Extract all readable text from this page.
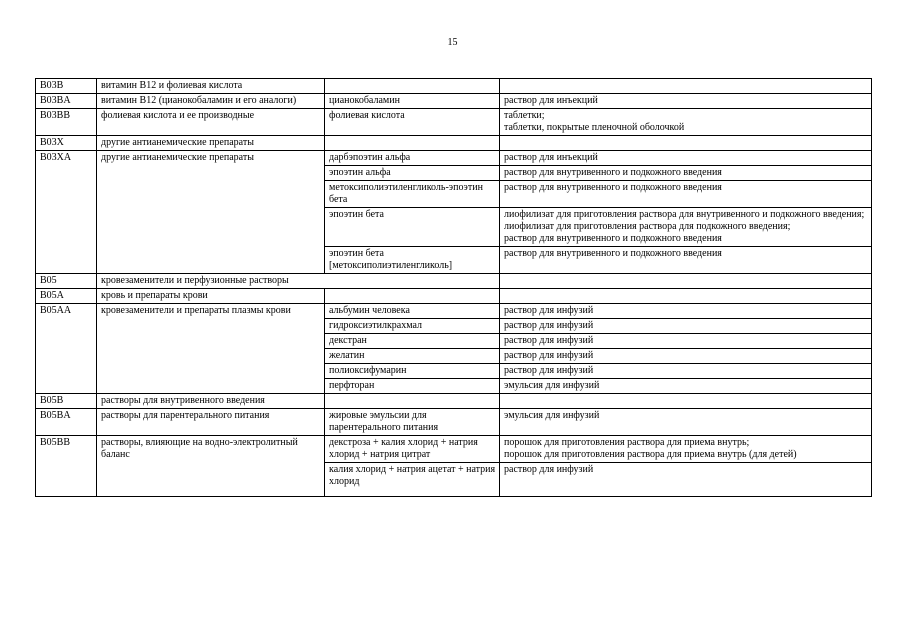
15
B03B	витамин B12 и фолиевая кислота		

B03BA	витамин B12 (цианокобаламин и его аналоги)	цианокобаламин	раствор для инъекций

B03BB	фолиевая кислота и ее производные	фолиевая кислота	таблетки;
таблетки, покрытые пленочной оболочкой

B03X	другие антианемические препараты		

B03XA	другие антианемические препараты	дарбэпоэтин альфа	раствор для инъекций

		эпоэтин альфа	раствор для внутривенного и подкожного введения

		метоксиполиэтиленгликоль-эпоэтин бета	раствор для внутривенного и подкожного введения

		эпоэтин бета	лиофилизат для приготовления раствора для внутривенного и подкожного введения;
лиофилизат для приготовления раствора для подкожного введения;
раствор для внутривенного и подкожного введения

		эпоэтин бета [метоксиполиэтиленгликоль]	раствор для внутривенного и подкожного введения

B05	кровезаменители и перфузионные растворы		

B05A	кровь и препараты крови		

B05AA	кровезаменители и препараты плазмы крови	альбумин человека	раствор для инфузий

		гидроксиэтилкрахмал	раствор для инфузий

		декстран	раствор для инфузий

		желатин	раствор для инфузий

		полиоксифумарин	раствор для инфузий

		перфторан	эмульсия для инфузий

B05B	растворы для внутривенного введения		

B05BA	растворы для парентерального питания	жировые эмульсии для парентерального питания	эмульсия для инфузий

B05BB	растворы, влияющие на водно-электролитный баланс	декстроза + калия хлорид + натрия хлорид + натрия цитрат	порошок для приготовления раствора для приема внутрь;
порошок для приготовления раствора для приема внутрь (для детей)

		калия хлорид + натрия ацетат + натрия хлорид	раствор для инфузий
